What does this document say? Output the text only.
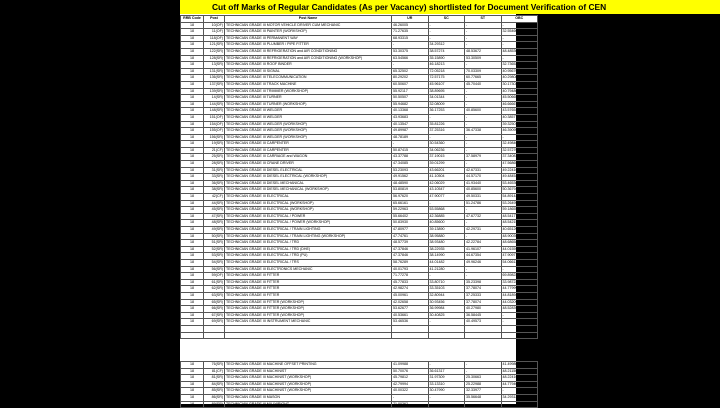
Cut off Marks of Regular Candidates (As per Vacancy) shortlisted for Document Verification of CEN
RRB Code	Post	Post Name	UR	SC	ST	OBC
18	10(OF)	TECHNICIAN GRADE III MOTOR VEHICLE DRIVER CUM MECHANIC	46.26005	-	-	-
18	11(OF)	TECHNICIAN GRADE III PAINTER (WORKSHOP)	71.27635	-	-	32.55460
18	118(OF)	TECHNICIAN GRADE III PERMANENT WAY	68.93315	-	-	-
18	121(SR)	TECHNICIAN GRADE III PLUMBER / PIPE FITTER	-	34.29312	-	-
18	122(SR)	TECHNICIAN GRADE III REFRIGERATION and AIR CONDITIONING	53.30375	38.57274	48.53672	48.48530
18	128(SR)	TECHNICIAN GRADE III REFRIGERATION and AIR CONDITIONING (WORKSHOP)	63.54566	35.15890	53.30509	-
18	13(SR)	TECHNICIAN GRADE III ROOF BINDER	-	46.18213	-	32.73652
18	131(SR)	TECHNICIAN GRADE III SIGNAL	65.32502	72.05218	70.03309	40.95676
18	136(SR)	TECHNICIAN GRADE III TELECOMMUNICATION	80.29202	72.57175	60.77665	40.29808
18	137(SR)	TECHNICIAN GRADE III TRACK MACHINE	60.50607	45.96107	45.70440	30.17302
18	139(SR)	TECHNICIAN GRADE III TRIMMER (WORKSHOP)	55.92117	38.89695	-	40.79486
18	14(SR)	TECHNICIAN GRADE III TURNER	50.50507	34.01344	-	45.50665
18	144(SR)	TECHNICIAN GRADE III TURNER (WORKSHOP)	55.94682	32.08009	-	46.66667
18	148(SR)	TECHNICIAN GRADE III WELDER	40.13368	36.17253	40.85600	43.57654
18	151(OF)	TECHNICIAN GRADE III WELDER	43.93683	-	-	40.38577
18	154(OF)	TECHNICIAN GRADE III WELDER (WORKSHOP)	40.13547	35.81226	-	39.32501
18	155(OF)	TECHNICIAN GRADE III WELDER (WORKSHOP)	49.89987	37.25316	36.47338	46.39095
18	156(SR)	TECHNICIAN GRADE III WELDER (WORKSHOP)	48.78189	-	-	-
18	19(SR)	TECHNICIAN GRADE III CARPENTER	-	30.54360	-	32.49846
18	21(CF)	TECHNICIAN GRADE III CARPENTER	50.87415	34.06236	-	32.57270
18	25(SR)	TECHNICIAN GRADE III CARRIAGE and WAGON	43.37788	37.19015	37.58979	37.34081
18	28(SR)	TECHNICIAN GRADE III CRANE DRIVER	47.34085	39.01299	-	47.56865
18	31(SR)	TECHNICIAN GRADE III DIESEL ELECTRICAL	53.23093	43.66201	42.67331	49.22416
18	33(SR)	TECHNICIAN GRADE III DIESEL ELECTRICAL (WORKSHOP)	49.91562	41.10504	44.57170	49.48454
18	36(SR)	TECHNICIAN GRADE III DIESEL MECHANICAL	48.48590	42.06029	41.93440	53.46530
18	38(SR)	TECHNICIAN GRADE III DIESEL MECHANICAL (WORKSHOP)	53.80819	43.10547	40.85600	50.36794
18	42(CF)	TECHNICIAN GRADE III ELECTRICAL	56.97620	47.90077	49.50331	54.89144
18	44(SR)	TECHNICIAN GRADE III ELECTRICAL (WORKSHOP)	65.66161	-	51.24786	53.26495
18	45(SR)	TECHNICIAN GRADE III ELECTRICAL (WORKSHOP)	59.22963	53.55868	-	59.18655
18	47(SR)	TECHNICIAN GRADE III ELECTRICAL / POWER	55.66402	42.36885	47.67732	48.54177
18	48(SR)	TECHNICIAN GRADE III ELECTRICAL / POWER (WORKSHOP)	50.83930	40.85600	-	48.54215
18	49(SR)	TECHNICIAN GRADE III ELECTRICAL / TRAIN LIGHTING	47.80977	39.13890	42.29731	40.65120
18	50(SR)	TECHNICIAN GRADE III ELECTRICAL / TRAIN LIGHTING (WORKSHOP)	47.74761	38.95880	-	48.90039
18	51(SR)	TECHNICIAN GRADE III ELECTRICAL / TRD	48.57739	38.93480	42.22784	48.68658
18	52(SR)	TECHNICIAN GRADE III ELECTRICAL / TRD (DHE)	47.37846	38.22935	41.96107	44.01559
18	53(SR)	TECHNICIAN GRADE III ELECTRICAL / TRD (PU)	47.37846	38.14990	44.67354	47.90977
18	54(SR)	TECHNICIAN GRADE III ELECTRICAL / TRS	58.76289	44.01482	49.96246	54.06613
18	56(SR)	TECHNICIAN GRADE III ELECTRONICS MECHANIC	40.01793	41.21280	-	-
18	59(OF)	TECHNICIAN GRADE III FITTER	71.77278	-	-	69.89822
18	61(SR)	TECHNICIAN GRADE III FITTER	45.77833	33.80710	35.23398	33.98722
18	62(SR)	TECHNICIAN GRADE III FITTER	42.98274	33.35103	37.78074	44.77999
18	63(SR)	TECHNICIAN GRADE III FITTER	45.00961	32.80944	37.25333	44.81894
18	65(SR)	TECHNICIAN GRADE III FITTER (WORKSHOP)	42.02658	30.93456	37.78074	44.03209
18	66(SR)	TECHNICIAN GRADE III FITTER (WORKSHOP)	53.62677	36.99984	40.27980	48.52839
18	67(SR)	TECHNICIAN GRADE III FITTER (WORKSHOP)	40.53661	30.40825	36.58445	-
18	69(SR)	TECHNICIAN GRADE III INSTRUMENT MECHANIC	53.46536	-	40.49573	-

18	76(SR)	TECHNICIAN GRADE III MACHINE OFFSET PRINTING	41.09988	-	-	41.49980
18	81(CF)	TECHNICIAN GRADE III MACHINIST	50.70076	36.61317	-	48.21156
18	81(SR)	TECHNICIAN GRADE III MACHINIST (WORKSHOP)	45.79812	31.97309	25.30663	48.22416
18	84(SR)	TECHNICIAN GRADE III MACHINIST (WORKSHOP)	42.79994	33.13310	25.22988	44.77940
18	85(SR)	TECHNICIAN GRADE III MACHINIST (WORKSHOP)	40.00322	30.47990	32.33977	-
18	86(SR)	TECHNICIAN GRADE III MASON	-	-	35.56648	34.29312
18	89(SR)	TECHNICIAN GRADE III MILLWRIGHT	71.00362	-	-	-
